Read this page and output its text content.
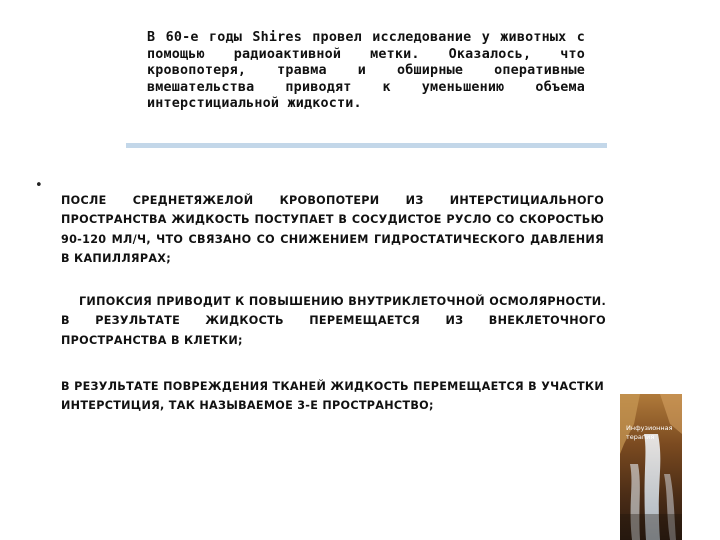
В 60-е годы Shires провел исследование у животных с помощью радиоактивной метки. Оказалось, что кровопотеря, травма и обширные оперативные вмешательства приводят к уменьшению объема интерстициальной жидкости.

•

ПОСЛЕ СРЕДНЕТЯЖЕЛОЙ КРОВОПОТЕРИ ИЗ ИНТЕРСТИЦИАЛЬНОГО ПРОСТРАНСТВА ЖИДКОСТЬ ПОСТУПАЕТ В СОСУДИСТОЕ РУСЛО СО СКОРОСТЬЮ 90-120 МЛ/Ч, ЧТО СВЯЗАНО СО СНИЖЕНИЕМ ГИДРОСТАТИЧЕСКОГО ДАВЛЕНИЯ В КАПИЛЛЯРАХ;

ГИПОКСИЯ ПРИВОДИТ К ПОВЫШЕНИЮ ВНУТРИКЛЕТОЧНОЙ ОСМОЛЯРНОСТИ. В РЕЗУЛЬТАТЕ ЖИДКОСТЬ ПЕРЕМЕЩАЕТСЯ ИЗ ВНЕКЛЕТОЧНОГО ПРОСТРАНСТВА В КЛЕТКИ;

В РЕЗУЛЬТАТЕ ПОВРЕЖДЕНИЯ ТКАНЕЙ ЖИДКОСТЬ ПЕРЕМЕЩАЕТСЯ В УЧАСТКИ ИНТЕРСТИЦИЯ, ТАК НАЗЫВАЕМОЕ 3-Е ПРОСТРАНСТВО;

Инфузионная терапия
